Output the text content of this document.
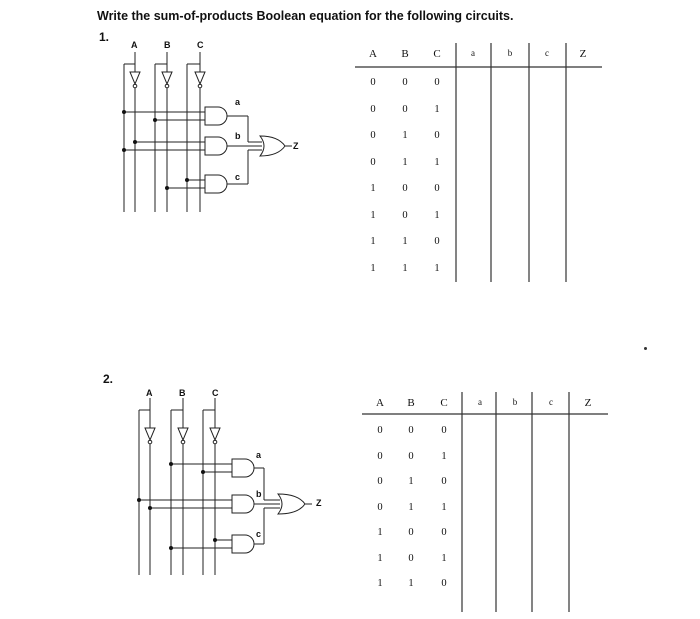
Write the sum-of-products Boolean equation for the following circuits.
1.
2.
A	B	C
a
b
c
Z
A	B	C
a
b
c
Z
A	B	C	a	b	c	Z
0	0	0
0	0	1
0	1	0
0	1	1
1	0	0
1	0	1
1	1	0
1	1	1
A	B	C	a	b	c	Z
0	0	0
0	0	1
0	1	0
0	1	1
1	0	0
1	0	1
1	1	0
